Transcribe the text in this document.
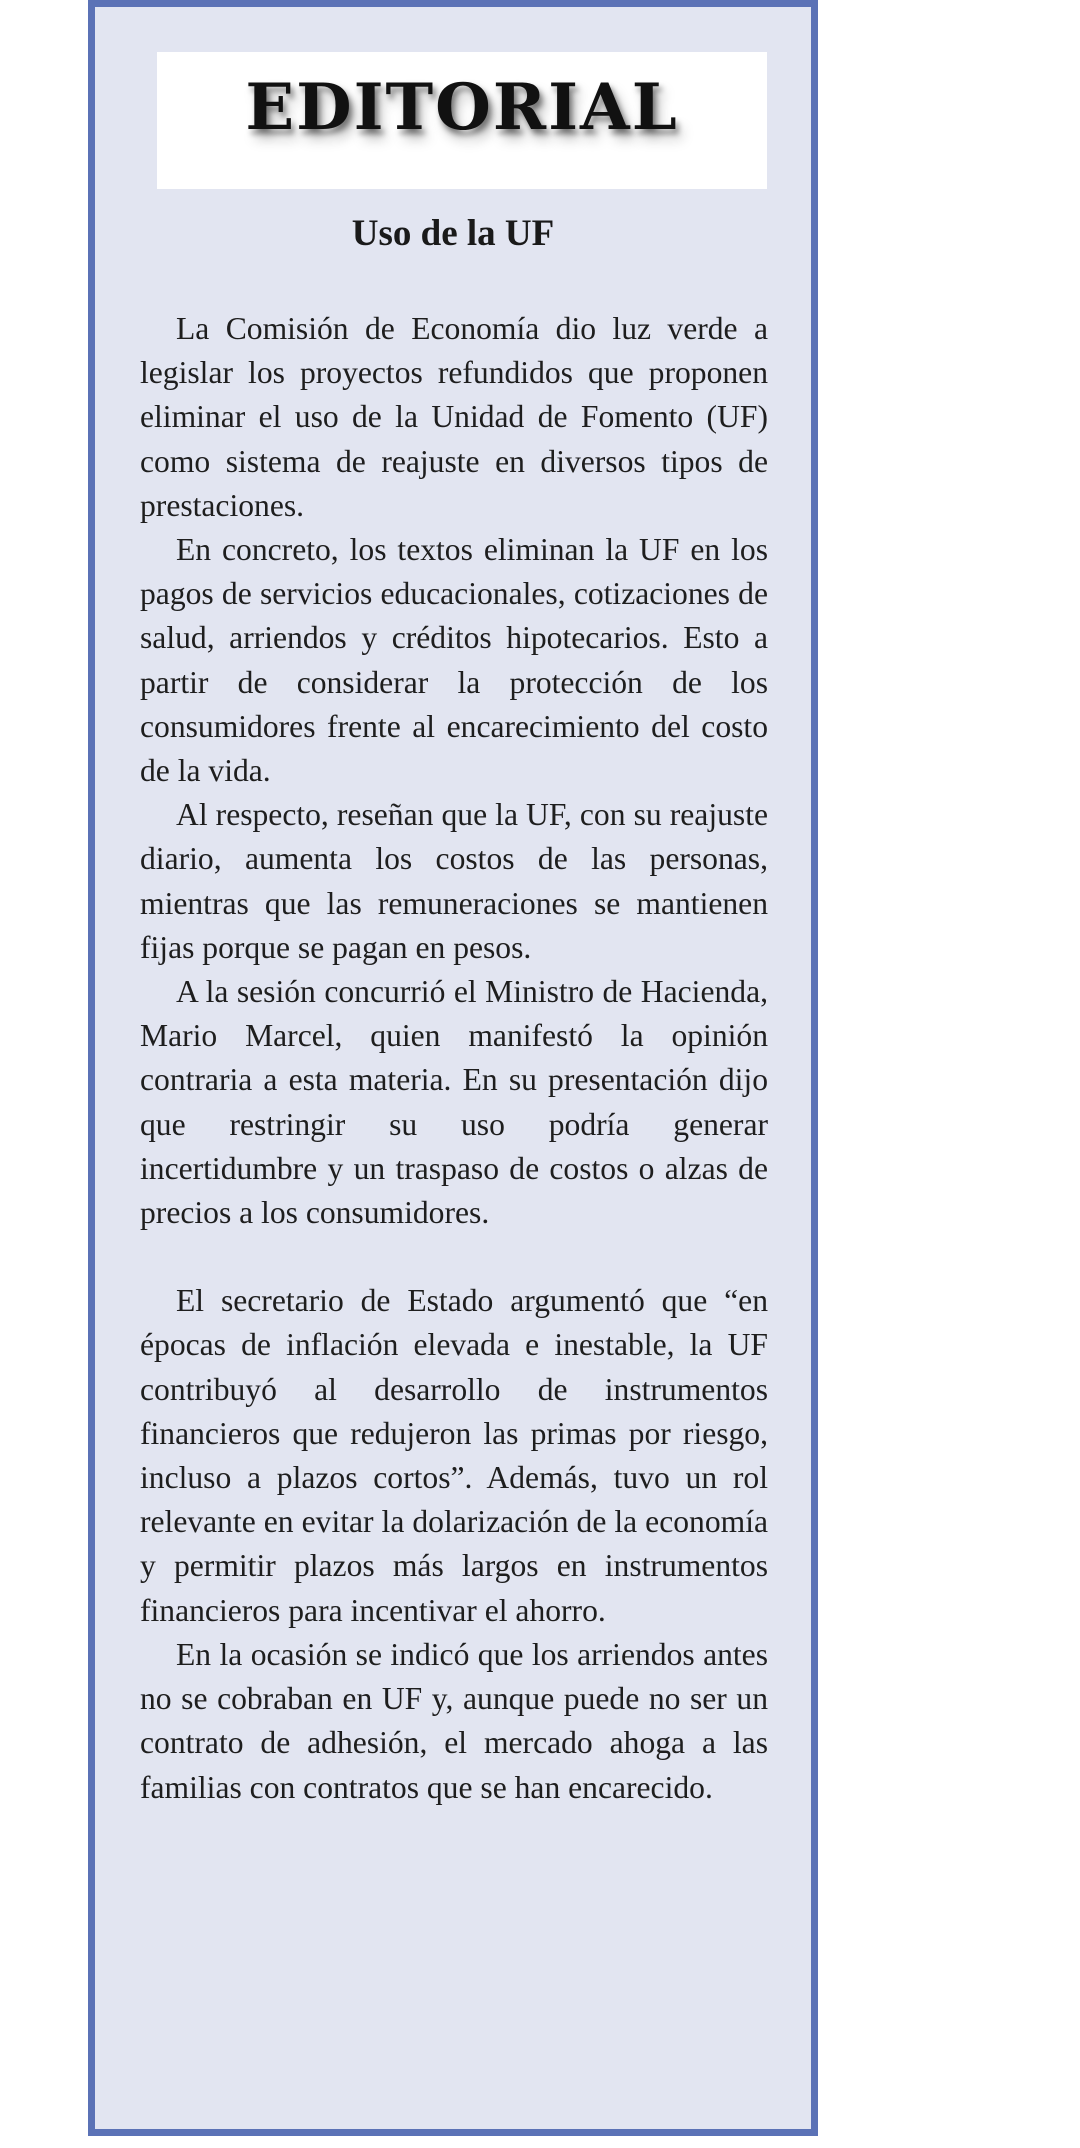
EDITORIAL
Uso de la UF

La Comisión de Economía dio luz verde a legislar los proyectos refundidos que proponen eliminar el uso de la Unidad de Fomento (UF) como sistema de reajuste en diversos tipos de prestaciones.

En concreto, los textos eliminan la UF en los pagos de servicios educacionales, cotizaciones de salud, arriendos y créditos hipotecarios. Esto a partir de considerar la protección de los consumidores frente al encarecimiento del costo de la vida.

Al respecto, reseñan que la UF, con su reajuste diario, aumenta los costos de las personas, mientras que las remuneraciones se mantienen fijas porque se pagan en pesos.

A la sesión concurrió el Ministro de Hacienda, Mario Marcel, quien manifestó la opinión contraria a esta materia. En su presentación dijo que restringir su uso podría generar incertidumbre y un traspaso de costos o alzas de precios a los consumidores.

El secretario de Estado argumentó que “en épocas de inflación elevada e inestable, la UF contribuyó al desarrollo de instrumentos financieros que redujeron las primas por riesgo, incluso a plazos cortos”. Además, tuvo un rol relevante en evitar la dolarización de la economía y permitir plazos más largos en instrumentos financieros para incentivar el ahorro.

En la ocasión se indicó que los arriendos antes no se cobraban en UF y, aunque puede no ser un contrato de adhesión, el mercado ahoga a las familias con contratos que se han encarecido.
